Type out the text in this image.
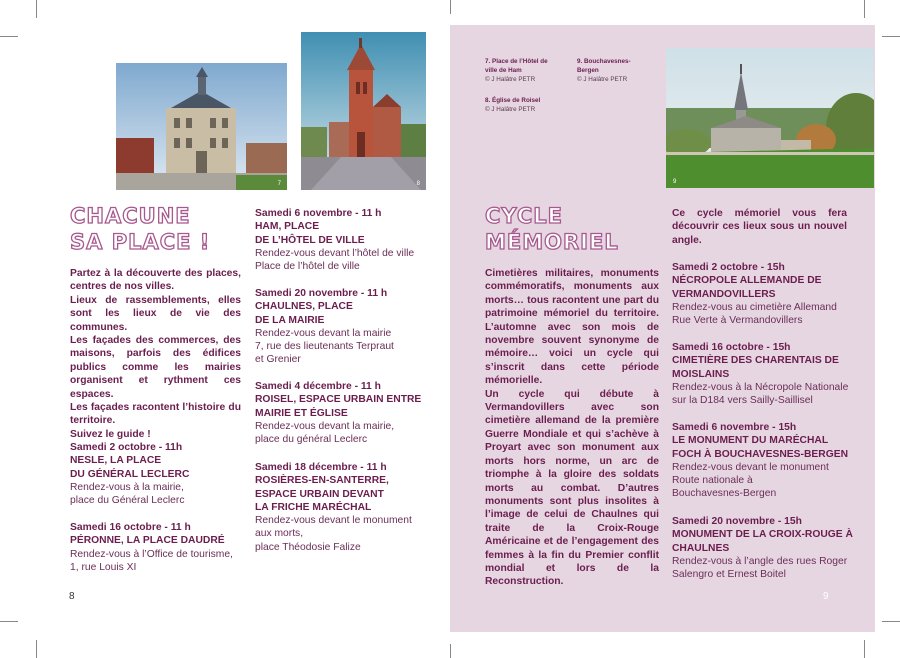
7	8
CHACUNE
SA PLACE !

Partez à la découverte des places, centres de nos villes.

Lieux de rassemblements, elles sont les lieux de vie des communes.

Les façades des commerces, des maisons, parfois des édifices publics comme les mairies organisent et rythment ces espaces.

Les façades racontent l’histoire du territoire.

Suivez le guide !

Samedi 2 octobre - 11h
NESLE, LA PLACE
DU GÉNÉRAL LECLERC
Rendez-vous à la mairie,
place du Général Leclerc
Samedi 16 octobre - 11 h
PÉRONNE, LA PLACE DAUDRÉ
Rendez-vous à l’Office de tourisme,
1, rue Louis XI
Samedi 6 novembre - 11 h
HAM, PLACE
DE L’HÔTEL DE VILLE
Rendez-vous devant l’hôtel de ville
Place de l’hôtel de ville
Samedi 20 novembre - 11 h
CHAULNES, PLACE
DE LA MAIRIE
Rendez-vous devant la mairie
7, rue des lieutenants Terpraut
et Grenier
Samedi 4 décembre - 11 h
ROISEL, ESPACE URBAIN ENTRE
MAIRIE ET ÉGLISE
Rendez-vous devant la mairie,
place du général Leclerc
Samedi 18 décembre - 11 h
ROSIÈRES-EN-SANTERRE,
ESPACE URBAIN DEVANT
LA FRICHE MARÉCHAL
Rendez-vous devant le monument
aux morts,
place Théodosie Falize
8
7. Place de l’Hôtel de
ville de Ham
© J Halâtre PETR
9. Bouchavesnes-
Bergen
© J Halâtre PETR
8. Église de Roisel
© J Halâtre PETR
9
CYCLE
MÉMORIEL

Cimetières militaires, monuments commémoratifs, monuments aux morts… tous racontent une part du patrimoine mémoriel du territoire. L’automne avec son mois de novembre souvent synonyme de mémoire… voici un cycle qui s’inscrit dans cette période mémorielle.

Un cycle qui débute à Vermandovillers avec son cimetière allemand de la première Guerre Mondiale et qui s’achève à Proyart avec son monument aux morts hors norme, un arc de triomphe à la gloire des soldats morts au combat. D’autres monuments sont plus insolites à l’image de celui de Chaulnes qui traite de la Croix-Rouge Américaine et de l’engagement des femmes à la fin du Premier conflit mondial et lors de la Reconstruction.

Ce cycle mémoriel vous fera découvrir ces lieux sous un nouvel angle.
Samedi 2 octobre - 15h
NÉCROPOLE ALLEMANDE DE
VERMANDOVILLERS
Rendez-vous au cimetière Allemand
Rue Verte à Vermandovillers
Samedi 16 octobre - 15h
CIMETIÈRE DES CHARENTAIS DE
MOISLAINS
Rendez-vous à la Nécropole Nationale
sur la D184 vers Sailly-Saillisel
Samedi 6 novembre - 15h
LE MONUMENT DU MARÉCHAL
FOCH À BOUCHAVESNES-BERGEN
Rendez-vous devant le monument
Route nationale à
Bouchavesnes-Bergen
Samedi 20 novembre - 15h
MONUMENT DE LA CROIX-ROUGE À
CHAULNES
Rendez-vous à l’angle des rues Roger
Salengro et Ernest Boitel
9
